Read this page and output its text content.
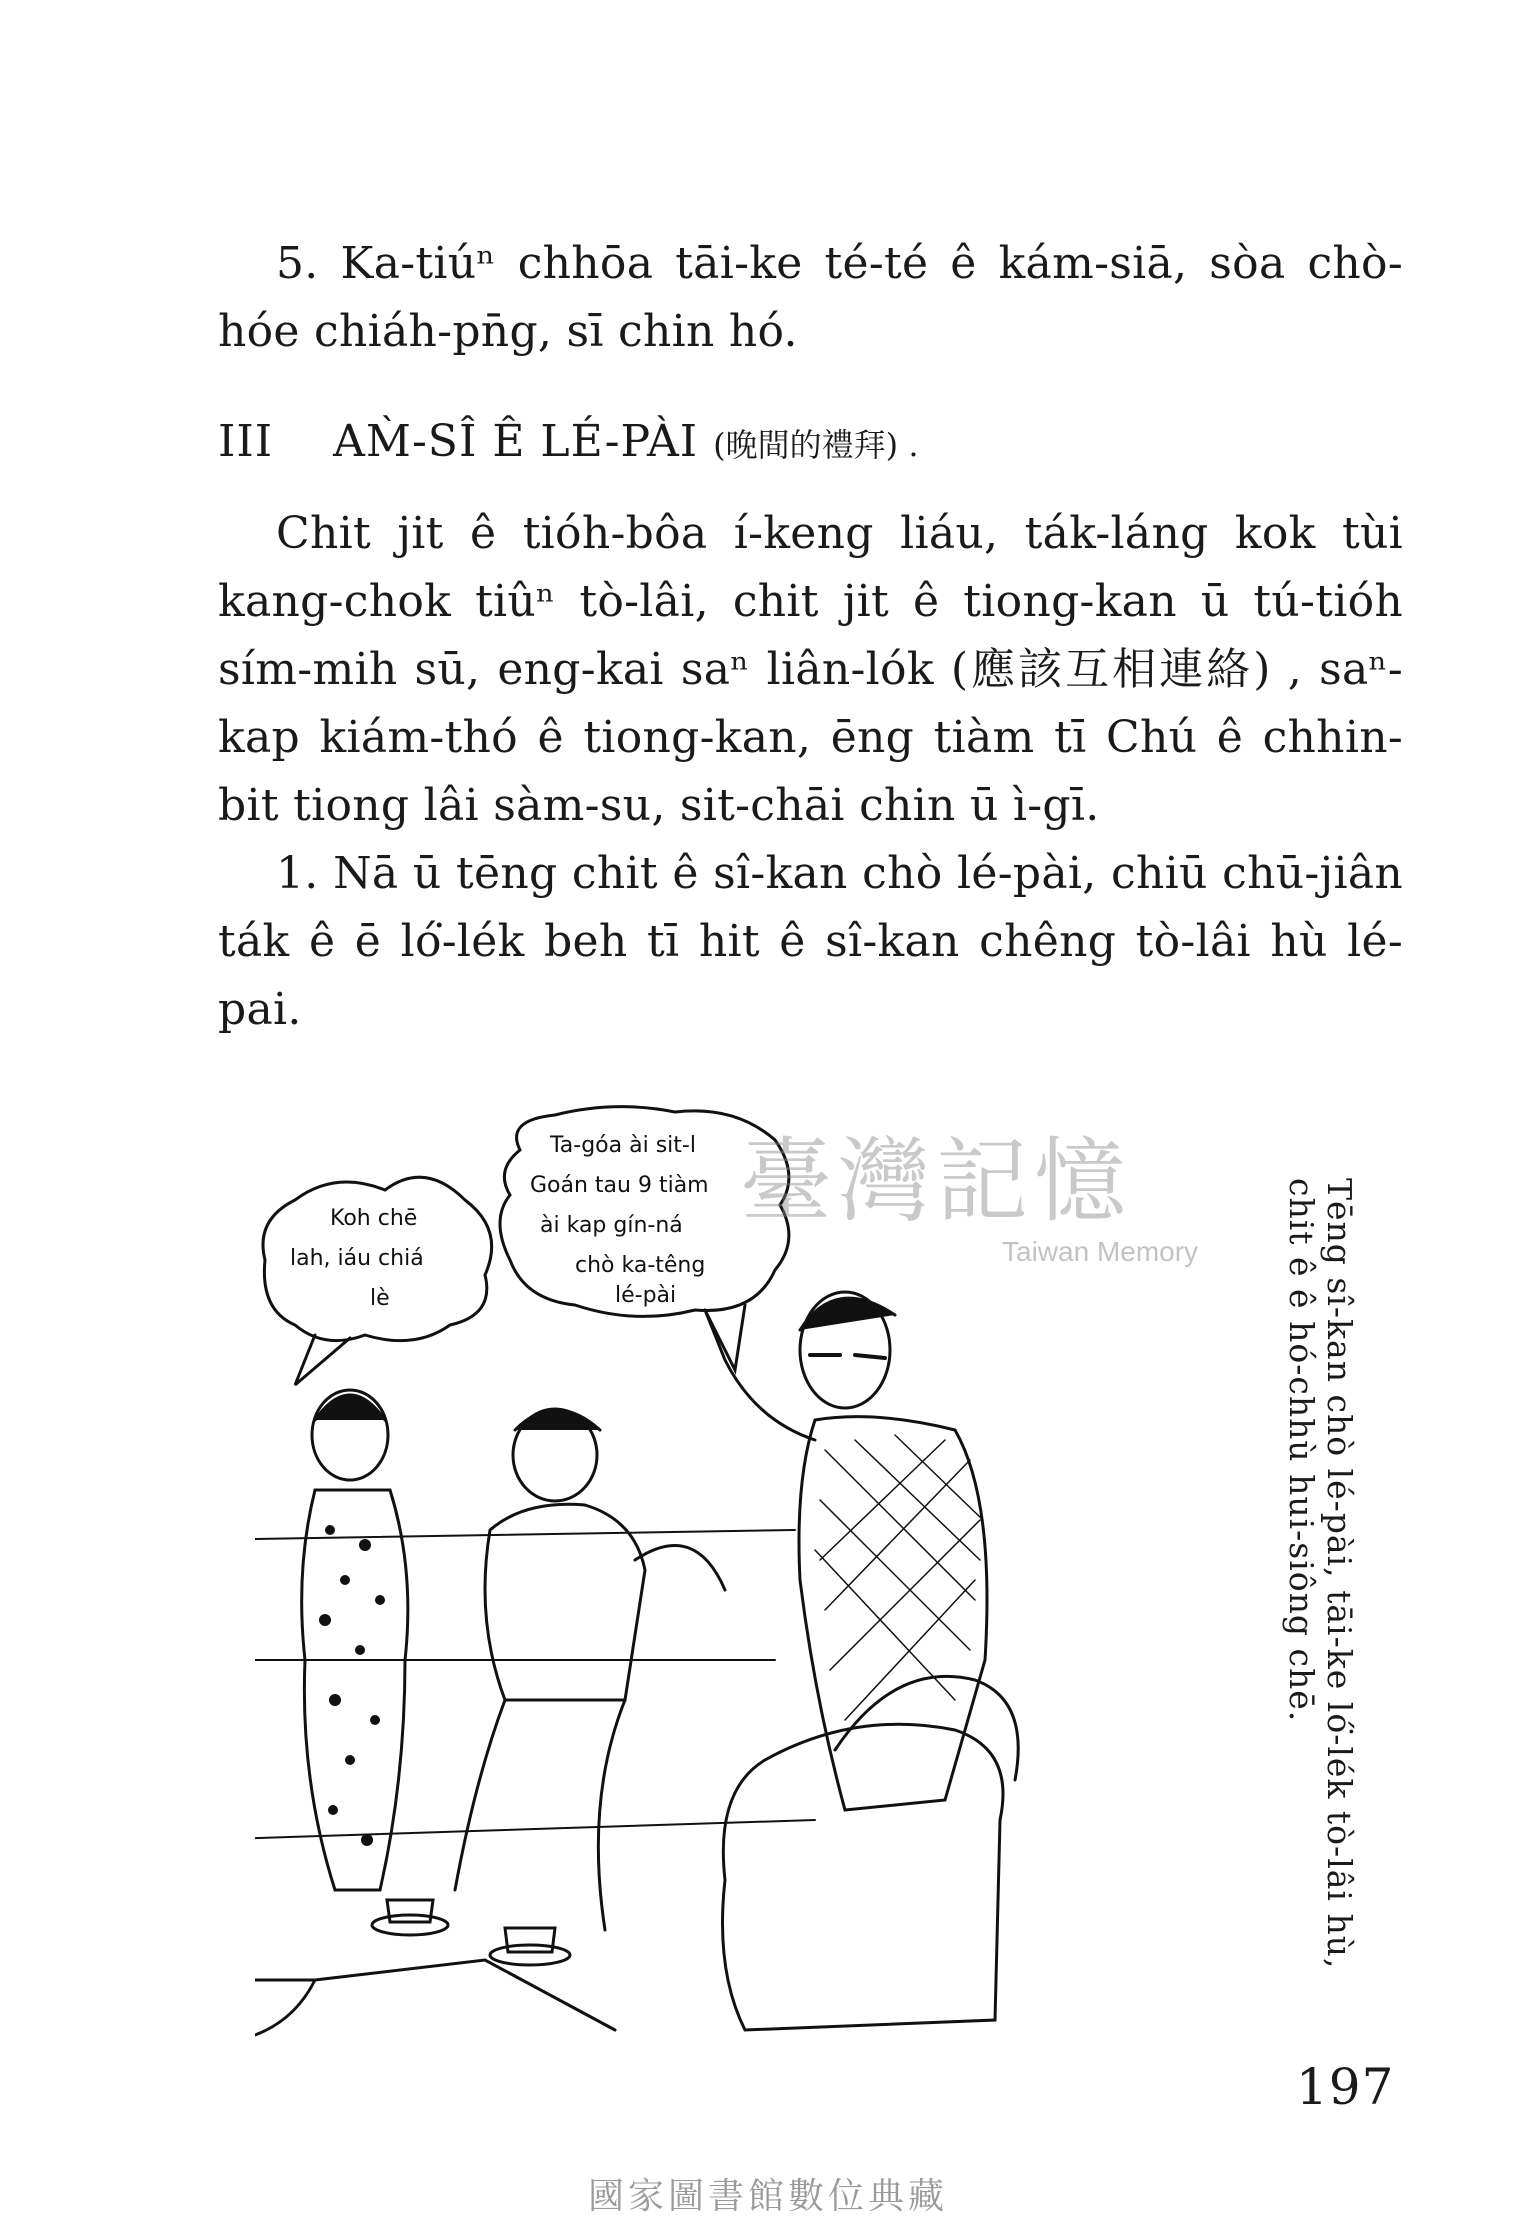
5. Ka-tiúⁿ chhōa tāi-ke té-té ê kám-siā, sòa chò-hóe chiáh-pn̄g, sī chin hó.

III AM̀-SÎ Ê LÉ-PÀI (晚間的禮拜) .

Chit jit ê tióh-bôa í-keng liáu, ták-láng kok tùi kang-chok tiûⁿ tò-lâi, chit jit ê tiong-kan ū tú-tióh sím-mih sū, eng-kai saⁿ liân-lók (應該互相連絡) , saⁿ-kap kiám-thó ê tiong-kan, ēng tiàm tī Chú ê chhin-bit tiong lâi sàm-su, sit-chāi chin ū ì-gī.

1. Nā ū tēng chit ê sî-kan chò lé-pài, chiū chū-jiân ták ê ē ló͘-lék beh tī hit ê sî-kan chêng tò-lâi hù lé-pai.

Koh chē
lah, iáu chiá
lè
Ta-góa ài sit-l
Goán tau 9 tiàm
ài kap gín-ná
chò ka-têng
lé-pài
臺灣記憶
Taiwan Memory	Tēng sî-kan chò lé-pài, tāi-ke ló͘-lék tò-lâi hù, chit ê ê hó-chhù hui-siông chē.
197
國家圖書館數位典藏
